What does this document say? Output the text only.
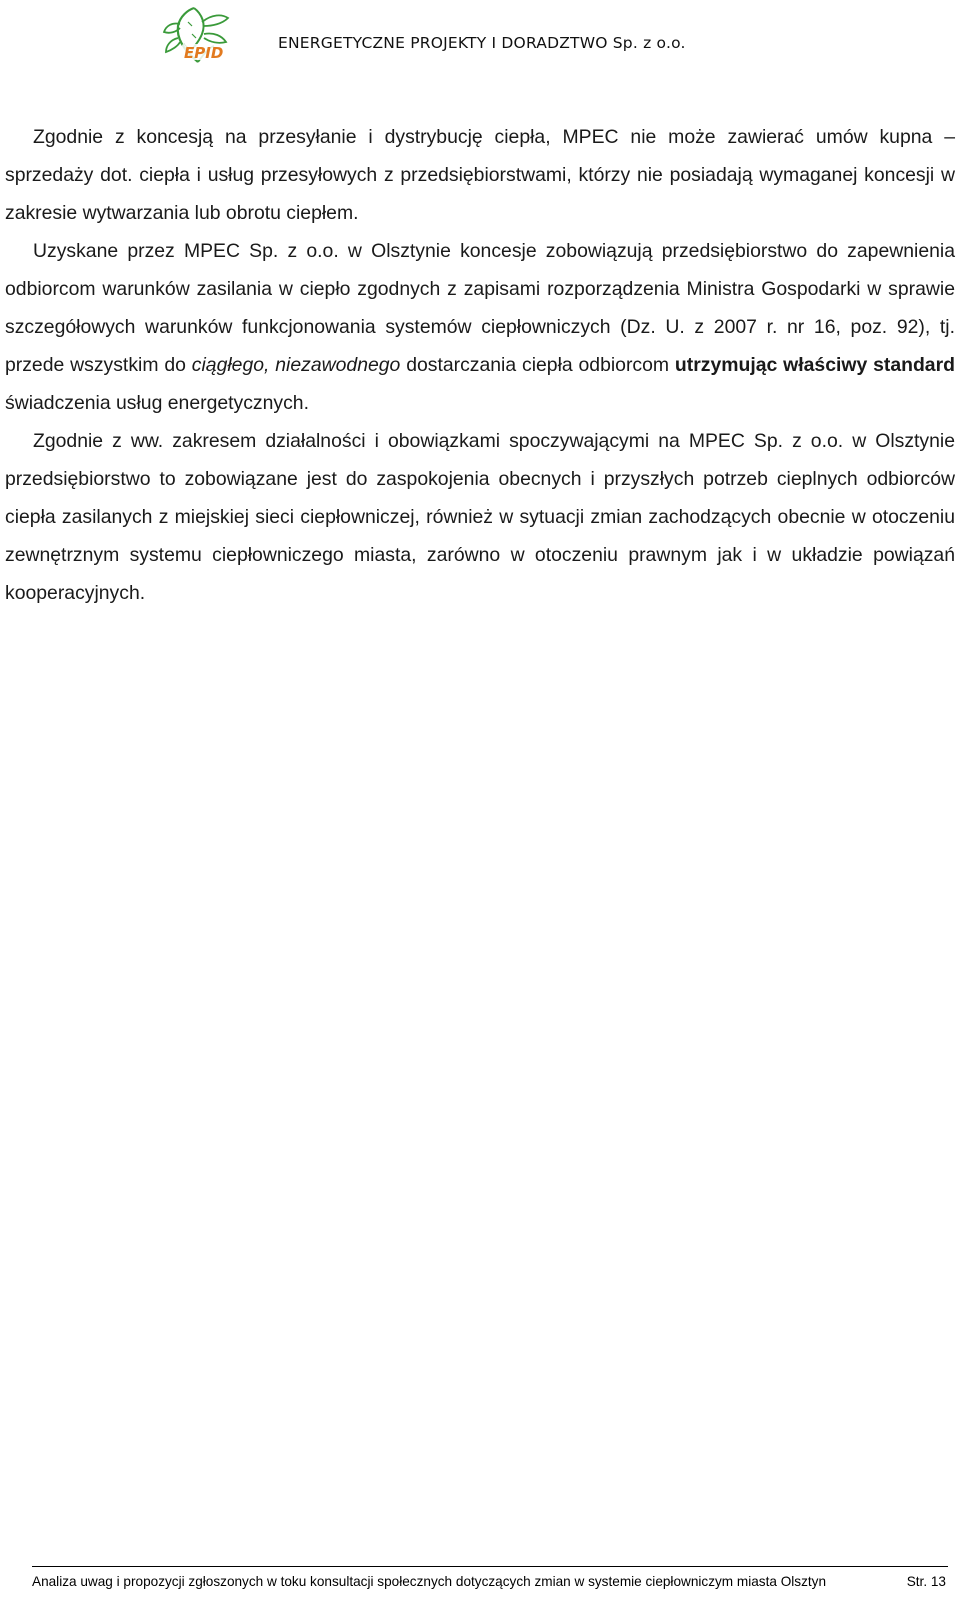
EPID
ENERGETYCZNE PROJEKTY I DORADZTWO Sp. z o.o.

Zgodnie z koncesją na przesyłanie i dystrybucję ciepła, MPEC nie może zawierać umów kupna – sprzedaży dot. ciepła i usług przesyłowych z przedsiębiorstwami, którzy nie posiadają wymaganej koncesji w zakresie wytwarzania lub obrotu ciepłem.

Uzyskane przez MPEC Sp. z o.o. w Olsztynie koncesje zobowiązują przedsiębiorstwo do zapewnienia odbiorcom warunków zasilania w ciepło zgodnych z zapisami rozporządzenia Ministra Gospodarki w sprawie szczegółowych warunków funkcjonowania systemów ciepłowniczych (Dz. U. z 2007 r. nr 16, poz. 92), tj. przede wszystkim do ciągłego, niezawodnego dostarczania ciepła odbiorcom utrzymując właściwy standard świadczenia usług energetycznych.

Zgodnie z ww. zakresem działalności i obowiązkami spoczywającymi na MPEC Sp. z o.o. w Olsztynie przedsiębiorstwo to zobowiązane jest do zaspokojenia obecnych i przyszłych potrzeb cieplnych odbiorców ciepła zasilanych z miejskiej sieci ciepłowniczej, również w sytuacji zmian zachodzących obecnie w otoczeniu zewnętrznym systemu ciepłowniczego miasta, zarówno w otoczeniu prawnym jak i w układzie powiązań kooperacyjnych.

Analiza uwag i propozycji zgłoszonych w toku konsultacji społecznych dotyczących zmian w systemie ciepłowniczym miasta Olsztyn	Str. 13
